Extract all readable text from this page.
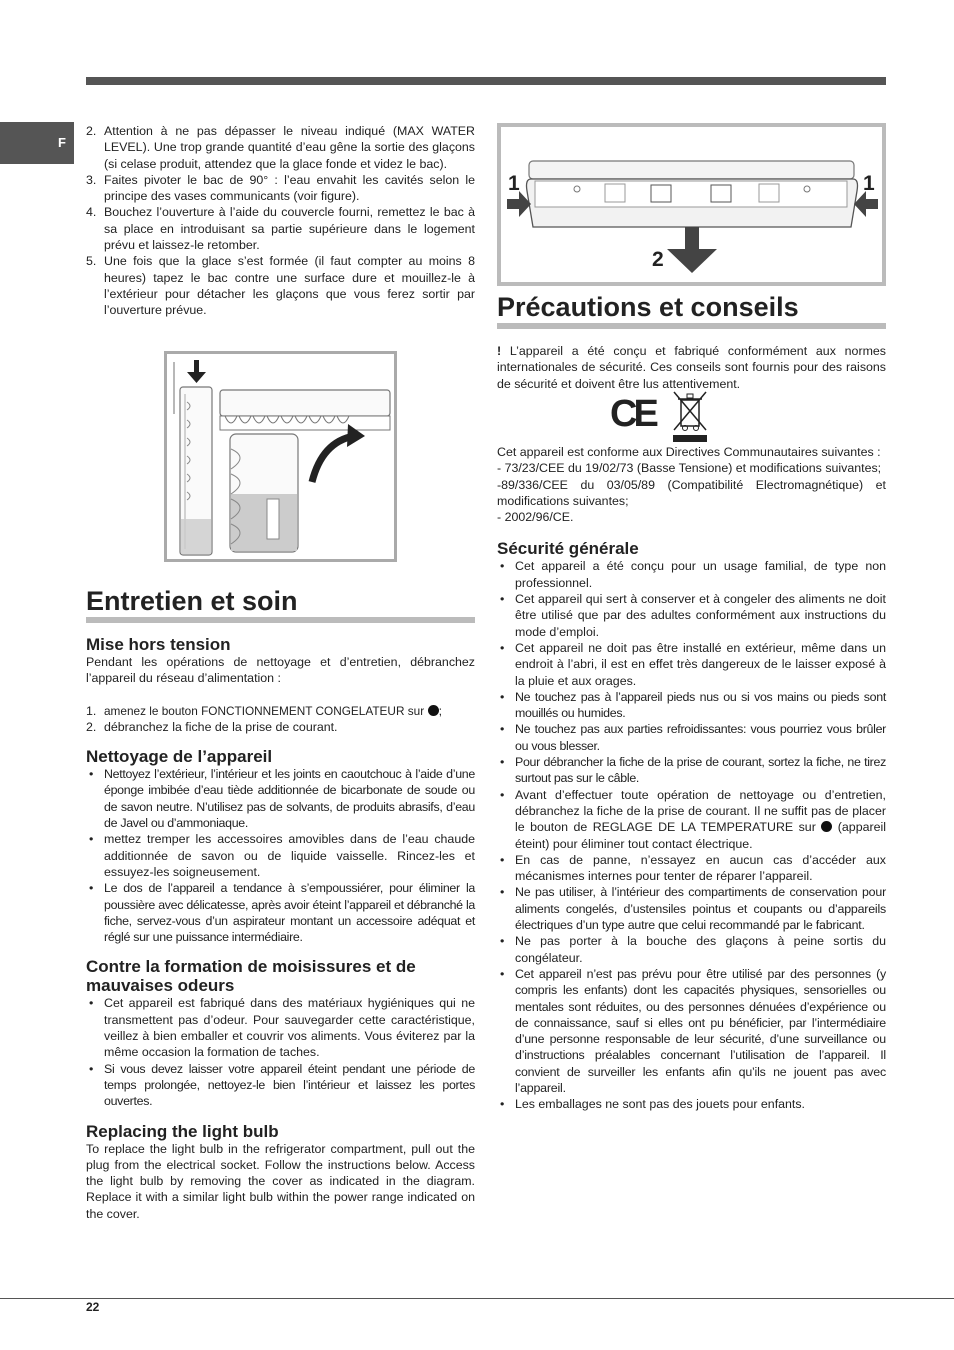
F
2. Attention à ne pas dépasser le niveau indiqué (MAX WATER LEVEL). Une trop grande quantité d’eau gêne la sortie des glaçons (si celase produit, attendez que la glace fonde et videz le bac).
3. Faites pivoter le bac de 90° : l’eau envahit les cavités selon le principe des vases communicants (voir figure).
4. Bouchez l’ouverture à l’aide du couvercle fourni, remettez le bac à sa place en introduisant sa partie supérieure dans le logement prévu et laissez-le retomber.
5. Une fois que la glace s’est formée (il faut compter au moins 8 heures) tapez le bac contre une surface dure et mouillez-le à l’extérieur pour détacher les glaçons que vous ferez sortir par l’ouverture prévue.
Entretien et soin
Mise hors tension

Pendant les opérations de nettoyage et d’entretien, débranchez l’appareil du réseau d’alimentation :

1. amenez le bouton FONCTIONNEMENT CONGELATEUR sur ;
2. débranchez la fiche de la prise de courant.
Nettoyage de l’appareil
• Nettoyez l’extérieur, l’intérieur et les joints en caoutchouc à l’aide d’une éponge imbibée d’eau tiède additionnée de bicarbonate de soude ou de savon neutre. N’utilisez pas de solvants, de produits abrasifs, d’eau de Javel ou d’ammoniaque.
• mettez tremper les accessoires amovibles dans de l’eau chaude additionnée de savon ou de liquide vaisselle. Rincez-les et essuyez-les soigneusement.
• Le dos de l’appareil a tendance à s’empoussiérer, pour éliminer la poussière avec délicatesse, après avoir éteint l’appareil et débranché la fiche, servez-vous d’un aspirateur montant un accessoire adéquat et réglé sur une puissance intermédiaire.
Contre la formation de moisissures et de mauvaises odeurs
• Cet appareil est fabriqué dans des matériaux hygiéniques qui ne transmettent pas d’odeur. Pour sauvegarder cette caractéristique, veillez à bien emballer et couvrir vos aliments. Vous éviterez par la même occasion la formation de taches.
• Si vous devez laisser votre appareil éteint pendant une période de temps prolongée, nettoyez-le bien l’intérieur et laissez les portes ouvertes.
Replacing the light bulb

To replace the light bulb in the refrigerator compartment, pull out the plug from the electrical socket. Follow the instructions below. Access the light bulb by removing the cover as indicated in the diagram. Replace it with a similar light bulb within the power range indicated on the cover.

1	1
2
Précautions et conseils

! L’appareil a été conçu et fabriqué conformément aux normes internationales de sécurité. Ces conseils sont fournis pour des raisons de sécurité et doivent être lus attentivement.

CE

Cet appareil est conforme aux Directives Communautaires suivantes :

- 73/23/CEE du 19/02/73 (Basse Tensione) et modifications suivantes;

-89/336/CEE du 03/05/89 (Compatibilité Electromagnétique) et modifications suivantes;

- 2002/96/CE.

Sécurité générale
• Cet appareil a été conçu pour un usage familial, de type non professionnel.
• Cet appareil qui sert à conserver et à congeler des aliments ne doit être utilisé que par des adultes conformément aux instructions du mode d’emploi.
• Cet appareil ne doit pas être installé en extérieur, même dans un endroit à l’abri, il est en effet très dangereux de le laisser exposé à la pluie et aux orages.
• Ne touchez pas à l’appareil pieds nus ou si vos mains ou pieds sont mouillés ou humides.
• Ne touchez pas aux parties refroidissantes: vous pourriez vous brûler ou vous blesser.
• Pour débrancher la fiche de la prise de courant, sortez la fiche, ne tirez surtout pas sur le câble.
• Avant d’effectuer toute opération de nettoyage ou d’entretien, débranchez la fiche de la prise de courant. Il ne suffit pas de placer le bouton de REGLAGE DE LA TEMPERATURE sur (appareil éteint) pour éliminer tout contact électrique.
• En cas de panne, n’essayez en aucun cas d’accéder aux mécanismes internes pour tenter de réparer l’appareil.
• Ne pas utiliser, à l’intérieur des compartiments de conservation pour aliments congelés, d’ustensiles pointus et coupants ou d’appareils électriques d’un type autre que celui recommandé par le fabricant.
• Ne pas porter à la bouche des glaçons à peine sortis du congélateur.
• Cet appareil n’est pas prévu pour être utilisé par des personnes (y compris les enfants) dont les capacités physiques, sensorielles ou mentales sont réduites, ou des personnes dénuées d’expérience ou de connaissance, sauf si elles ont pu bénéficier, par l’intermédiaire d’une personne responsable de leur sécurité, d’une surveillance ou d’instructions préalables concernant l’utilisation de l’appareil. Il convient de surveiller les enfants afin qu’ils ne jouent pas avec l’appareil.
• Les emballages ne sont pas des jouets pour enfants.
22
